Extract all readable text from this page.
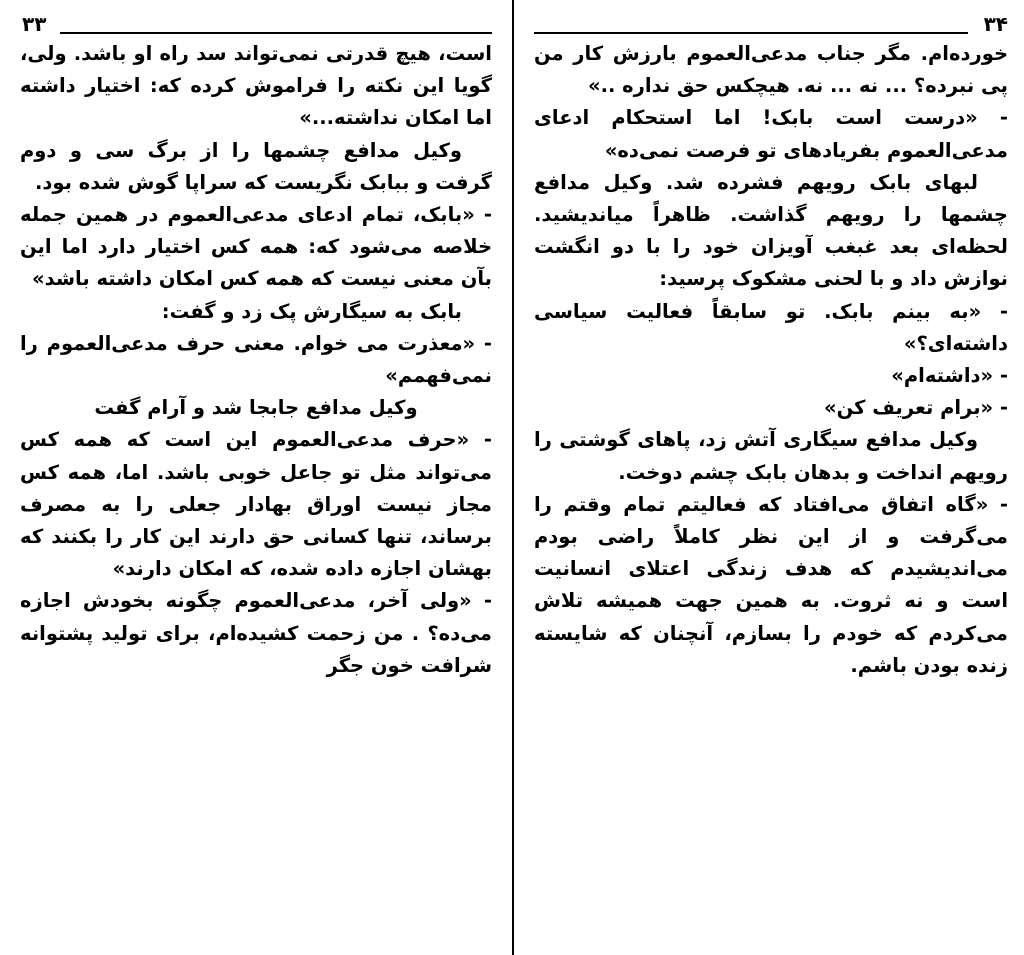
۳۳

است، هیچ قدرتی نمی‌تواند سد راه او باشد. ولی، گویا این نکته را فراموش کرده که: اختیار داشته اما امکان نداشته...»

وکیل مدافع چشمها را از برگ سی و دوم گرفت و ببابک نگریست که سراپا گوش شده بود.

- «بابک، تمام ادعای مدعی‌العموم در همین جمله خلاصه می‌شود که: همه کس اختیار دارد اما این بآن معنی نیست که همه کس امکان داشته باشد»

بابک به سیگارش پک زد و گفت:

- «معذرت می خوام. معنی حرف مدعی‌العموم را نمی‌فهمم»

وکیل مدافع جابجا شد و آرام گفت

- «حرف مدعی‌العموم این است که همه کس می‌تواند مثل تو جاعل خوبی باشد. اما، همه کس مجاز نیست اوراق بهادار جعلی را به مصرف برساند، تنها کسانی حق دارند این کار را بکنند که بهشان اجازه داده شده، که امکان دارند»

- «ولی آخر، مدعی‌العموم چگونه بخودش اجازه می‌ده؟ . من زحمت کشیده‌ام، برای تولید پشتوانه شرافت خون جگر

۳۴

خورده‌ام. مگر جناب مدعی‌العموم بارزش کار من پی نبرده؟ ... نه ... نه. هیچکس حق نداره ..»

- «درست است بابک! اما استحکام ادعای مدعی‌العموم بفریادهای تو فرصت نمی‌ده»

لبهای بابک رویهم فشرده شد. وکیل مدافع چشمها را رویهم گذاشت. ظاهراً میاندیشید. لحظه‌ای بعد غبغب آویزان خود را با دو انگشت نوازش داد و با لحنی مشکوک پرسید:

- «به بینم بابک. تو سابقاً فعالیت سیاسی داشته‌ای؟»

- «داشته‌ام»

- «برام تعریف کن»

وکیل مدافع سیگاری آتش زد، پاهای گوشتی را رویهم انداخت و بدهان بابک چشم دوخت.

- «گاه اتفاق می‌افتاد که فعالیتم تمام وقتم را می‌گرفت و از این نظر کاملاً راضی بودم می‌اندیشیدم که هدف زندگی اعتلای انسانیت است و نه ثروت. به همین جهت همیشه تلاش می‌کردم که خودم را بسازم، آنچنان که شایسته زنده بودن باشم.
